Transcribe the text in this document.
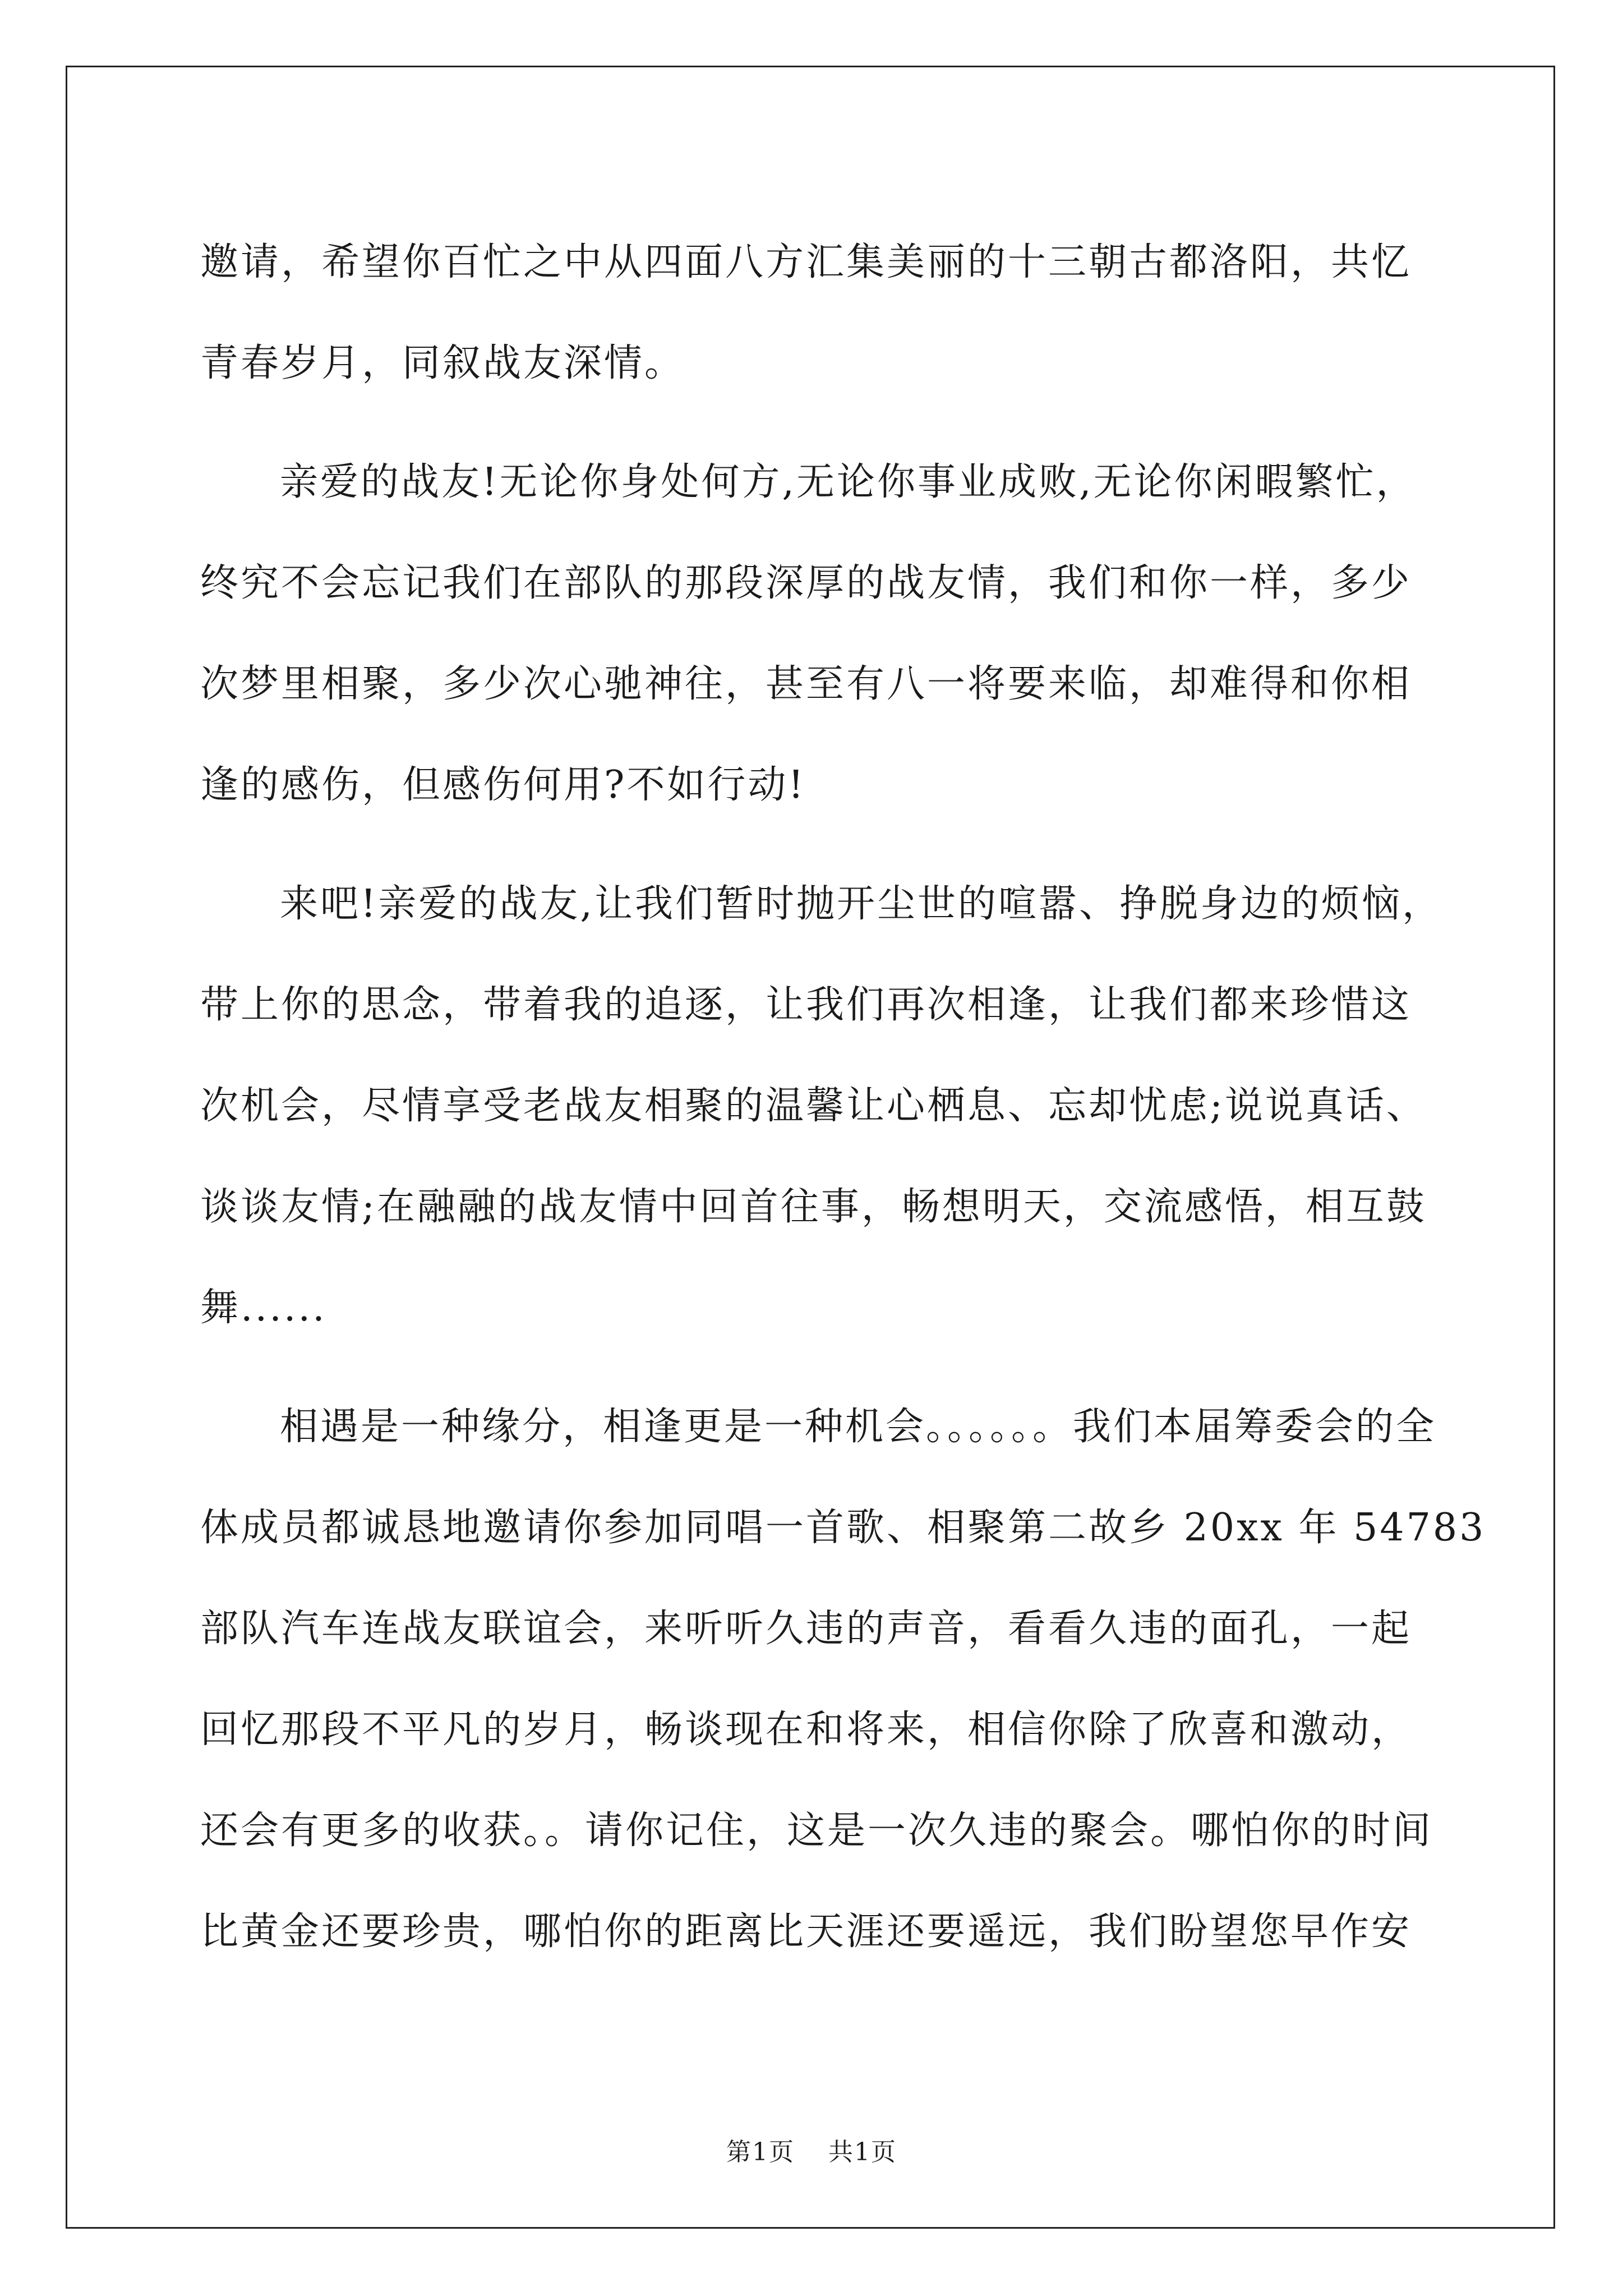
邀请，希望你百忙之中从四面八方汇集美丽的十三朝古都洛阳，共忆
青春岁月，同叙战友深情。
亲爱的战友!无论你身处何方,无论你事业成败,无论你闲暇繁忙，
终究不会忘记我们在部队的那段深厚的战友情，我们和你一样，多少
次梦里相聚，多少次心驰神往，甚至有八一将要来临，却难得和你相
逢的感伤，但感伤何用?不如行动!
来吧!亲爱的战友,让我们暂时抛开尘世的喧嚣、挣脱身边的烦恼，
带上你的思念，带着我的追逐，让我们再次相逢，让我们都来珍惜这
次机会，尽情享受老战友相聚的温馨让心栖息、忘却忧虑;说说真话、
谈谈友情;在融融的战友情中回首往事，畅想明天，交流感悟，相互鼓
舞......
相遇是一种缘分，相逢更是一种机会。。。。。。我们本届筹委会的全
体成员都诚恳地邀请你参加同唱一首歌、相聚第二故乡 20xx 年 54783
部队汽车连战友联谊会，来听听久违的声音，看看久违的面孔，一起
回忆那段不平凡的岁月，畅谈现在和将来，相信你除了欣喜和激动，
还会有更多的收获。。请你记住，这是一次久违的聚会。哪怕你的时间
比黄金还要珍贵，哪怕你的距离比天涯还要遥远，我们盼望您早作安
第1页 共1页
